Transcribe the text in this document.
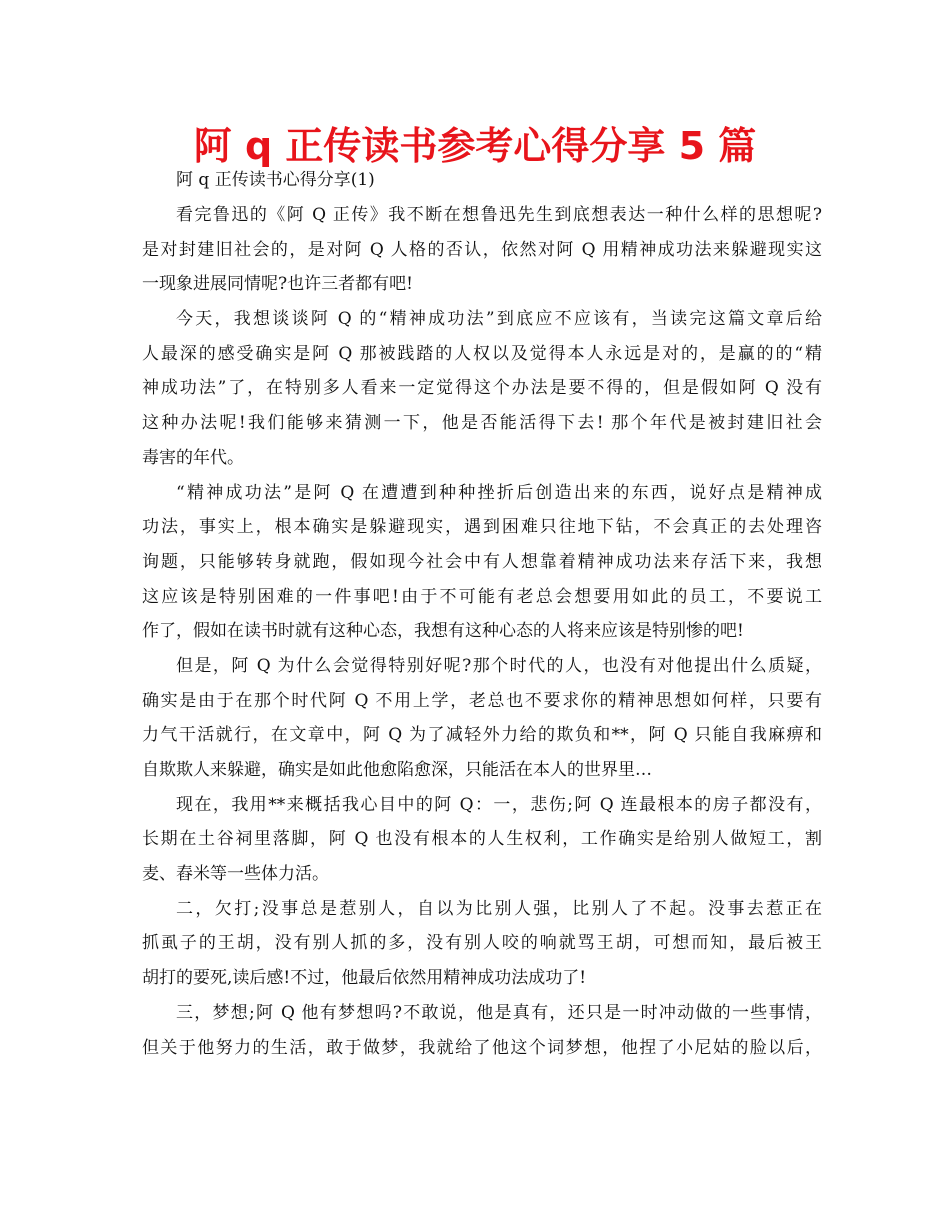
阿 q 正传读书参考心得分享 5 篇

阿 q 正传读书心得分享(1)

看完鲁迅的《阿 Q 正传》我不断在想鲁迅先生到底想表达一种什么样的思想呢?
是对封建旧社会的，是对阿 Q 人格的否认，依然对阿 Q 用精神成功法来躲避现实这
一现象进展同情呢?也许三者都有吧!
今天，我想谈谈阿 Q 的“精神成功法”到底应不应该有，当读完这篇文章后给
人最深的感受确实是阿 Q 那被践踏的人权以及觉得本人永远是对的，是赢的的“精
神成功法”了，在特别多人看来一定觉得这个办法是要不得的，但是假如阿 Q 没有
这种办法呢!我们能够来猜测一下，他是否能活得下去! 那个年代是被封建旧社会
毒害的年代。
“精神成功法”是阿 Q 在遭遭到种种挫折后创造出来的东西，说好点是精神成
功法，事实上，根本确实是躲避现实，遇到困难只往地下钻，不会真正的去处理咨
询题，只能够转身就跑，假如现今社会中有人想靠着精神成功法来存活下来，我想
这应该是特别困难的一件事吧!由于不可能有老总会想要用如此的员工，不要说工
作了，假如在读书时就有这种心态，我想有这种心态的人将来应该是特别惨的吧!
但是，阿 Q 为什么会觉得特别好呢?那个时代的人，也没有对他提出什么质疑，
确实是由于在那个时代阿 Q 不用上学，老总也不要求你的精神思想如何样，只要有
力气干活就行，在文章中，阿 Q 为了减轻外力给的欺负和**，阿 Q 只能自我麻痹和
自欺欺人来躲避，确实是如此他愈陷愈深，只能活在本人的世界里…
现在，我用**来概括我心目中的阿 Q：一，悲伤;阿 Q 连最根本的房子都没有，
长期在土谷祠里落脚，阿 Q 也没有根本的人生权利，工作确实是给别人做短工，割
麦、舂米等一些体力活。
二，欠打;没事总是惹别人，自以为比别人强，比别人了不起。没事去惹正在
抓虱子的王胡，没有别人抓的多，没有别人咬的响就骂王胡，可想而知，最后被王
胡打的要死,读后感!不过，他最后依然用精神成功法成功了!
三，梦想;阿 Q 他有梦想吗?不敢说，他是真有，还只是一时冲动做的一些事情，
但关于他努力的生活，敢于做梦，我就给了他这个词梦想，他捏了小尼姑的脸以后，
